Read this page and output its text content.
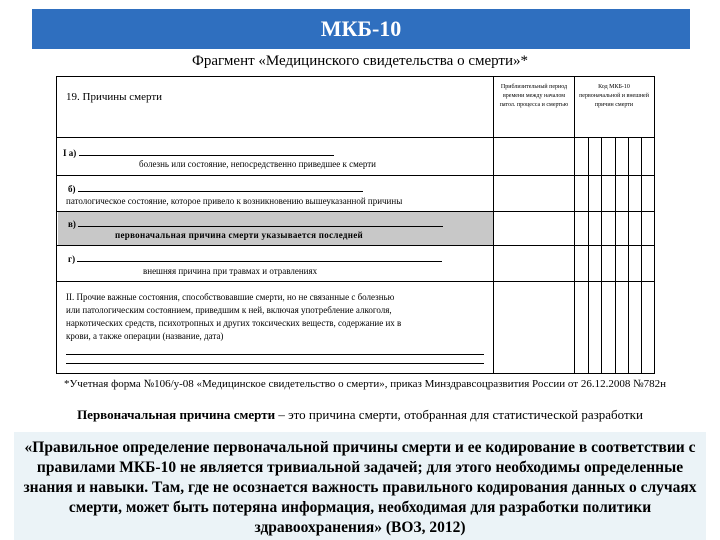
МКБ-10
Фрагмент «Медицинского свидетельства о смерти»*
19. Причины смерти
Приблизительный период времени между началом патол. процесса и смертью
Код МКБ-10 первоначальной и внешней причин смерти
I а)
болезнь или состояние, непосредственно приведшее к смерти
б)
патологическое состояние, которое привело к возникновению вышеуказанной причины
в)
первоначальная причина смерти указывается последней
г)
внешняя причина при травмах и отравлениях
II. Прочие важные состояния, способствовавшие смерти, но не связанные с болезнью
или патологическим состоянием, приведшим к ней, включая употребление алкоголя,
наркотических средств, психотропных и других токсических веществ, содержание их в
крови, а также операции (название, дата)
*Учетная форма №106/у-08 «Медицинское свидетельство о смерти», приказ Минздравсоцразвития России от 26.12.2008 №782н
Первоначальная причина смерти – это причина смерти, отобранная для статистической разработки
«Правильное определение первоначальной причины смерти и ее кодирование в соответствии с правилами МКБ-10 не является тривиальной задачей; для этого необходимы определенные знания и навыки. Там, где не осознается важность правильного кодирования данных о случаях смерти, может быть потеряна информация, необходимая для разработки политики здравоохранения» (ВОЗ, 2012)
